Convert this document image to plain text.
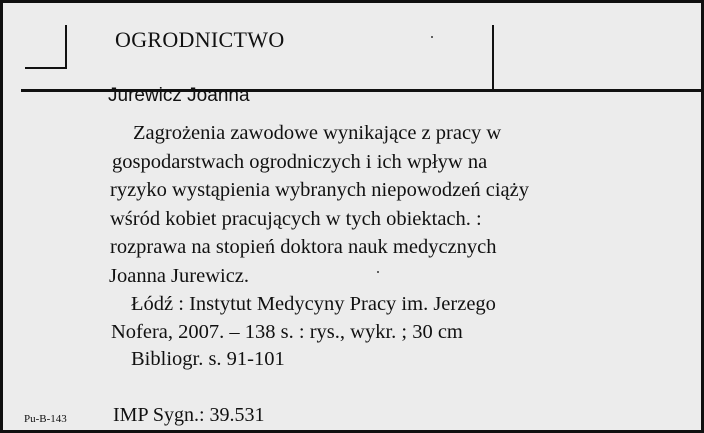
OGRODNICTWO
Jurewicz Joanna
Zagrożenia zawodowe wynikające z pracy w
gospodarstwach ogrodniczych i ich wpływ na
ryzyko wystąpienia wybranych niepowodzeń ciąży
wśród kobiet pracujących w tych obiektach. :
rozprawa na stopień doktora nauk medycznych
Joanna Jurewicz.
Łódź : Instytut Medycyny Pracy im. Jerzego
Nofera, 2007. – 138 s. : rys., wykr. ; 30 cm
Bibliogr. s. 91-101
Pu-B-143 IMP Sygn.: 39.531
